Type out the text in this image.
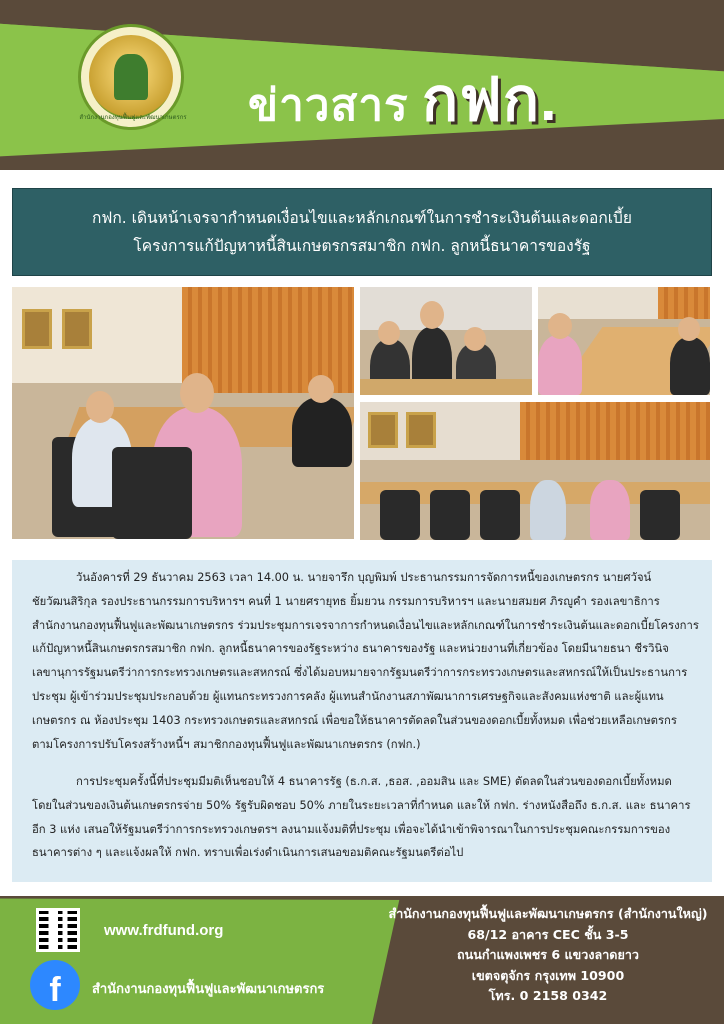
สำนักงานกองทุนฟื้นฟูและพัฒนาเกษตรกร ข่าวสาร กฟก.
กฟก. เดินหน้าเจรจากำหนดเงื่อนไขและหลักเกณฑ์ในการชำระเงินต้นและดอกเบี้ย
โครงการแก้ปัญหาหนี้สินเกษตรกรสมาชิก กฟก. ลูกหนี้ธนาคารของรัฐ
วันอังคารที่ 29 ธันวาคม 2563 เวลา 14.00 น. นายจารึก บุญพิมพ์ ประธานกรรมการจัดการหนี้ของเกษตรกร นายศวัจน์
ชัยวัฒนสิริกุล รองประธานกรรมการบริหารฯ คนที่ 1 นายศรายุทธ ยิ้มยวน กรรมการบริหารฯ และนายสมยศ ภิรญูคำ รองเลขาธิการ
สำนักงานกองทุนฟื้นฟูและพัฒนาเกษตรกร ร่วมประชุมการเจรจาการกำหนดเงื่อนไขและหลักเกณฑ์ในการชำระเงินต้นและดอกเบี้ยโครงการ
แก้ปัญหาหนี้สินเกษตรกรสมาชิก กฟก. ลูกหนี้ธนาคารของรัฐระหว่าง ธนาคารของรัฐ และหน่วยงานที่เกี่ยวข้อง โดยมีนายธนา ชีรวินิจ
เลขานุการรัฐมนตรีว่าการกระทรวงเกษตรและสหกรณ์ ซึ่งได้มอบหมายจากรัฐมนตรีว่าการกระทรวงเกษตรและสหกรณ์ให้เป็นประธานการ
ประชุม ผู้เข้าร่วมประชุมประกอบด้วย ผู้แทนกระทรวงการคลัง ผู้แทนสำนักงานสภาพัฒนาการเศรษฐกิจและสังคมแห่งชาติ และผู้แทน
เกษตรกร ณ ห้องประชุม 1403 กระทรวงเกษตรและสหกรณ์ เพื่อขอให้ธนาคารตัดลดในส่วนของดอกเบี้ยทั้งหมด เพื่อช่วยเหลือเกษตรกร
ตามโครงการปรับโครงสร้างหนี้ฯ สมาชิกกองทุนฟื้นฟูและพัฒนาเกษตรกร (กฟก.)
การประชุมครั้งนี้ที่ประชุมมีมติเห็นชอบให้ 4 ธนาคารรัฐ (ธ.ก.ส. ,ธอส. ,ออมสิน และ SME) ตัดลดในส่วนของดอกเบี้ยทั้งหมด
โดยในส่วนของเงินต้นเกษตรกรจ่าย 50% รัฐรับผิดชอบ 50% ภายในระยะเวลาที่กำหนด และให้ กฟก. ร่างหนังสือถึง ธ.ก.ส. และ ธนาคาร
อีก 3 แห่ง เสนอให้รัฐมนตรีว่าการกระทรวงเกษตรฯ ลงนามแจ้งมติที่ประชุม เพื่อจะได้นำเข้าพิจารณาในการประชุมคณะกรรมการของ
ธนาคารต่าง ๆ และแจ้งผลให้ กฟก. ทราบเพื่อเร่งดำเนินการเสนอขอมติคณะรัฐมนตรีต่อไป
www.frdfund.org
f	สำนักงานกองทุนฟื้นฟูและพัฒนาเกษตรกร
สำนักงานกองทุนฟื้นฟูและพัฒนาเกษตรกร (สำนักงานใหญ่)
68/12 อาคาร CEC ชั้น 3-5
ถนนกำแพงเพชร 6 แขวงลาดยาว
เขตจตุจักร กรุงเทพ 10900
โทร. 0 2158 0342
